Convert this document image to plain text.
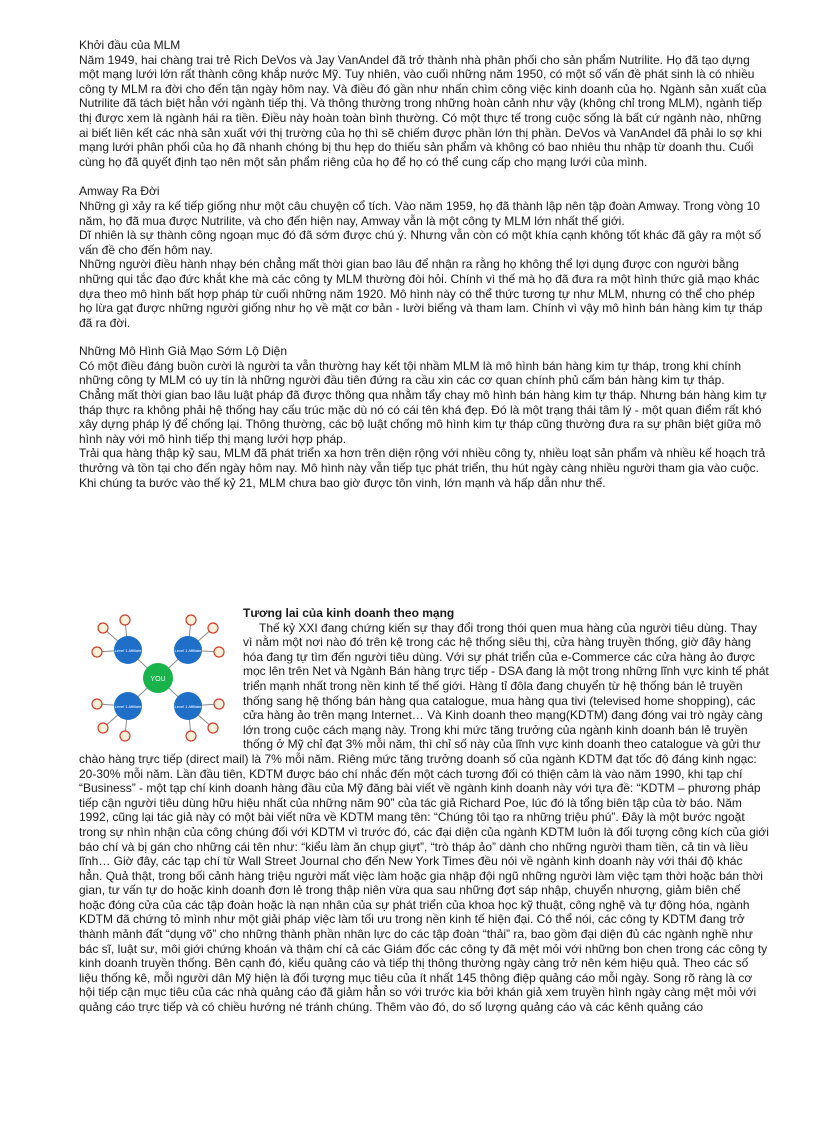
Khởi đầu của MLM

Năm 1949, hai chàng trai trẻ Rich DeVos và Jay VanAndel đã trở thành nhà phân phối cho sản phẩm Nutrilite. Họ đã tạo dựng một mạng lưới lớn rất thành công khắp nước Mỹ. Tuy nhiên, vào cuối những năm 1950, có một số vấn đề phát sinh là có nhiều công ty MLM ra đời cho đến tận ngày hôm nay. Và điều đó gần như nhấn chìm công việc kinh doanh của họ. Ngành sản xuất của Nutrilite đã tách biệt hẳn với ngành tiếp thị. Và thông thường trong những hoàn cảnh như vậy (không chỉ trong MLM), ngành tiếp thị được xem là ngành hái ra tiền. Điều này hoàn toàn bình thường. Có một thực tế trong cuộc sống là bất cứ ngành nào, những ai biết liên kết các nhà sản xuất với thị trường của họ thì sẽ chiếm được phần lớn thị phần. DeVos và VanAndel đã phải lo sợ khi mạng lưới phân phối của họ đã nhanh chóng bị thu hẹp do thiếu sản phẩm và không có bao nhiêu thu nhập từ doanh thu. Cuối cùng họ đã quyết định tạo nên một sản phẩm riêng của họ để họ có thể cung cấp cho mạng lưới của mình.

Amway Ra Đời

Những gì xảy ra kế tiếp giống như một câu chuyện cổ tích. Vào năm 1959, họ đã thành lập nên tập đoàn Amway. Trong vòng 10 năm, họ đã mua được Nutrilite, và cho đến hiện nay, Amway vẫn là một công ty MLM lớn nhất thế giới.

Dĩ nhiên là sự thành công ngoạn mục đó đã sớm được chú ý. Nhưng vẫn còn có một khía cạnh không tốt khác đã gây ra một số vấn đề cho đến hôm nay.

Những người điều hành nhạy bén chẳng mất thời gian bao lâu để nhận ra rằng họ không thể lợi dụng được con người bằng những qui tắc đạo đức khắt khe mà các công ty MLM thường đòi hỏi. Chính vì thế mà họ đã đưa ra một hình thức giả mạo khác dựa theo mô hình bất hợp pháp từ cuối những năm 1920. Mô hình này có thể thức tương tự như MLM, nhưng có thể cho phép họ lừa gạt được những người giống như họ về mặt cơ bản - lười biếng và tham lam. Chính vì vậy mô hình bán hàng kim tự tháp đã ra đời.

Những Mô Hình Giả Mạo Sớm Lộ Diện

Có một điều đáng buồn cười là người ta vẫn thường hay kết tội nhầm MLM là mô hình bán hàng kim tự tháp, trong khi chính những công ty MLM có uy tín là những người đầu tiên đứng ra cầu xin các cơ quan chính phủ cấm bán hàng kim tự tháp.

Chẳng mất thời gian bao lâu luật pháp đã được thông qua nhằm tẩy chay mô hình bán hàng kim tự tháp. Nhưng bán hàng kim tự tháp thực ra không phải hệ thống hay cấu trúc mặc dù nó có cái tên khá đẹp. Đó là một trạng thái tâm lý - một quan điểm rất khó xây dựng pháp lý để chống lại. Thông thường, các bộ luật chống mô hình kim tự tháp cũng thường đưa ra sự phân biệt giữa mô hình này với mô hình tiếp thị mạng lưới hợp pháp.

Trải qua hàng thập kỷ sau, MLM đã phát triển xa hơn trên diện rộng với nhiều công ty, nhiều loạt sản phẩm và nhiều kế hoạch trả thưởng và tồn tại cho đến ngày hôm nay. Mô hình này vẫn tiếp tục phát triển, thu hút ngày càng nhiều người tham gia vào cuộc. Khi chúng ta bước vào thế kỷ 21, MLM chưa bao giờ được tôn vinh, lớn mạnh và hấp dẫn như thế.

Level 1 Affiliate	Level 1 Affiliate
Level 1 Affiliate	Level 1 Affiliate
YOU
Tương lai của kinh doanh theo mạng

Thế kỷ XXI đang chứng kiến sự thay đổi trong thói quen mua hàng của người tiêu dùng. Thay vì nằm một nơi nào đó trên kệ trong các hệ thống siêu thị, cửa hàng truyền thống, giờ đây hàng hóa đang tự tìm đến người tiêu dùng. Với sự phát triển của e-Commerce các cửa hàng ảo được mọc lên trên Net và Ngành Bán hàng trực tiếp - DSA đang là một trong những lĩnh vực kinh tế phát triển mạnh nhất trong nền kinh tế thế giới. Hàng tỉ đôla đang chuyển từ hệ thống bán lẻ truyền thống sang hệ thống bán hàng qua catalogue, mua hàng qua tivi (televised home shopping), các cửa hàng ảo trên mạng Internet… Và Kinh doanh theo mạng(KDTM) đang đóng vai trò ngày càng lớn trong cuộc cách mạng này. Trong khi mức tăng trưởng của ngành kinh doanh bán lẻ truyền thống ở Mỹ chỉ đạt 3% mỗi năm, thì chỉ số này của lĩnh vực kinh doanh theo catalogue và gửi thư chào hàng trực tiếp (direct mail) là 7% mỗi năm. Riêng mức tăng trưởng doanh số của ngành KDTM đạt tốc độ đáng kinh ngạc: 20-30% mỗi năm. Lần đầu tiên, KDTM được báo chí nhắc đến một cách tương đối có thiện cảm là vào năm 1990, khi tạp chí “Business” - một tạp chí kinh doanh hàng đầu của Mỹ đăng bài viết về ngành kinh doanh này với tựa đề: “KDTM – phương pháp tiếp cận người tiêu dùng hữu hiệu nhất của những năm 90” của tác giả Richard Poe, lúc đó là tổng biên tập của tờ báo. Năm 1992, cũng lại tác giả này có một bài viết nữa về KDTM mang tên: “Chúng tôi tạo ra những triệu phú”. Đây là một bước ngoặt trong sự nhìn nhận của công chúng đối với KDTM vì trước đó, các đại diện của ngành KDTM luôn là đối tượng công kích của giới báo chí và bị gán cho những cái tên như: “kiểu làm ăn chụp giựt”, “trò tháp ảo” dành cho những người tham tiền, cả tin và liều lĩnh… Giờ đây, các tạp chí từ Wall Street Journal cho đến New York Times đều nói về ngành kinh doanh này với thái độ khác hẳn. Quả thật, trong bối cảnh hàng triệu người mất việc làm hoặc gia nhập đội ngũ những người làm việc tạm thời hoặc bán thời gian, tư vấn tự do hoặc kinh doanh đơn lẻ trong thập niên vừa qua sau những đợt sáp nhập, chuyển nhượng, giảm biên chế hoặc đóng cửa của các tập đoàn hoặc là nạn nhân của sự phát triển của khoa học kỹ thuật, công nghệ và tự động hóa, ngành KDTM đã chứng tỏ mình như một giải pháp việc làm tối ưu trong nền kinh tế hiện đại. Có thể nói, các công ty KDTM đang trở thành mảnh đất “dụng võ” cho những thành phần nhân lực do các tập đoàn “thải” ra, bao gồm đại diện đủ các ngành nghề như bác sĩ, luật sư, môi giới chứng khoán và thậm chí cả các Giám đốc các công ty đã mệt mỏi với những bon chen trong các công ty kinh doanh truyền thống. Bên cạnh đó, kiểu quảng cáo và tiếp thị thông thường ngày càng trở nên kém hiệu quả. Theo các số liệu thống kê, mỗi người dân Mỹ hiện là đối tượng mục tiêu của ít nhất 145 thông điệp quảng cáo mỗi ngày. Song rõ ràng là cơ hội tiếp cận mục tiêu của các nhà quảng cáo đã giảm hẳn so với trước kia bởi khán giả xem truyền hình ngày càng mệt mỏi với quảng cáo trực tiếp và có chiều hướng né tránh chúng. Thêm vào đó, do số lượng quảng cáo và các kênh quảng cáo
